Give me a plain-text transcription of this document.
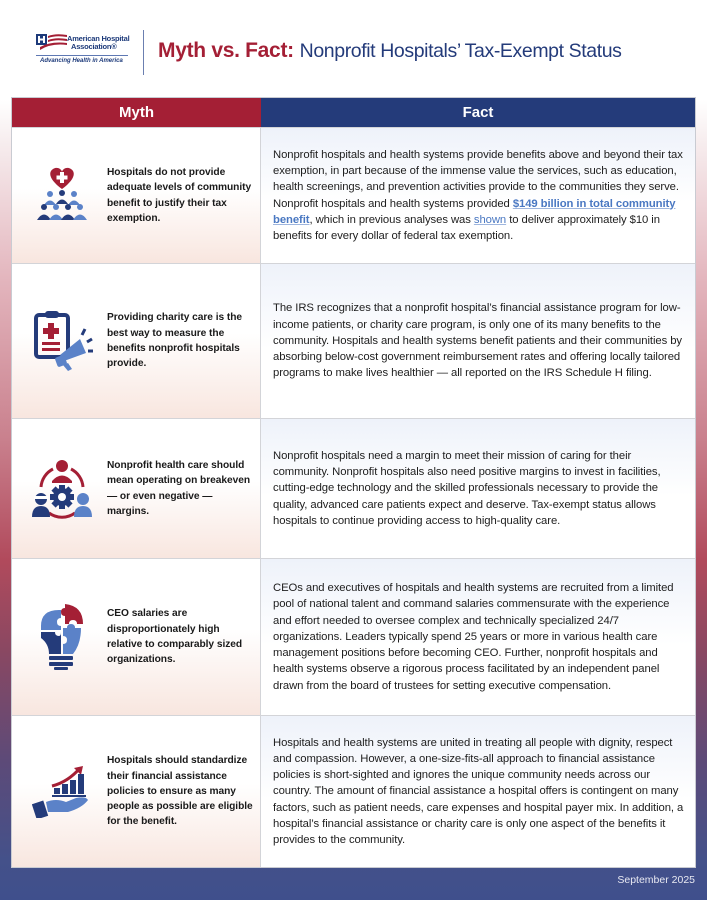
American Hospital
Association®
Advancing Health in America Myth vs. Fact: Nonprofit Hospitals’ Tax-Exempt Status
Myth	Fact
Hospitals do not provide adequate levels of community benefit to justify their tax exemption.

Nonprofit hospitals and health systems provide benefits above and beyond their tax exemption, in part because of the immense value the services, such as education, health screenings, and prevention activities provide to the communities they serve. Nonprofit hospitals and health systems provided $149 billion in total community benefit, which in previous analyses was shown to deliver approximately $10 in benefits for every dollar of federal tax exemption.

Providing charity care is the best way to measure the benefits nonprofit hospitals provide.

The IRS recognizes that a nonprofit hospital’s financial assistance program for low-income patients, or charity care program, is only one of its many benefits to the community. Hospitals and health systems benefit patients and their communities by absorbing below-cost government reimbursement rates and offering locally tailored programs to make lives healthier — all reported on the IRS Schedule H filing.

Nonprofit health care should mean operating on breakeven — or even negative — margins.

Nonprofit hospitals need a margin to meet their mission of caring for their community. Nonprofit hospitals also need positive margins to invest in facilities, cutting-edge technology and the skilled professionals necessary to provide the quality, advanced care patients expect and deserve. Tax-exempt status allows hospitals to continue providing access to high-quality care.

CEO salaries are disproportionately high relative to comparably sized organizations.

CEOs and executives of hospitals and health systems are recruited from a limited pool of national talent and command salaries commensurate with the experience and effort needed to oversee complex and technically specialized 24/7 organizations. Leaders typically spend 25 years or more in various health care management positions before becoming CEO. Further, nonprofit hospitals and health systems observe a rigorous process facilitated by an independent panel drawn from the board of trustees for setting executive compensation.

Hospitals should standardize their financial assistance policies to ensure as many people as possible are eligible for the benefit.

Hospitals and health systems are united in treating all people with dignity, respect and compassion. However, a one-size-fits-all approach to financial assistance policies is short-sighted and ignores the unique community needs across our country. The amount of financial assistance a hospital offers is contingent on many factors, such as patient needs, care expenses and hospital payer mix. In addition, a hospital’s financial assistance or charity care is only one aspect of the benefits it provides to the community.

September 2025
